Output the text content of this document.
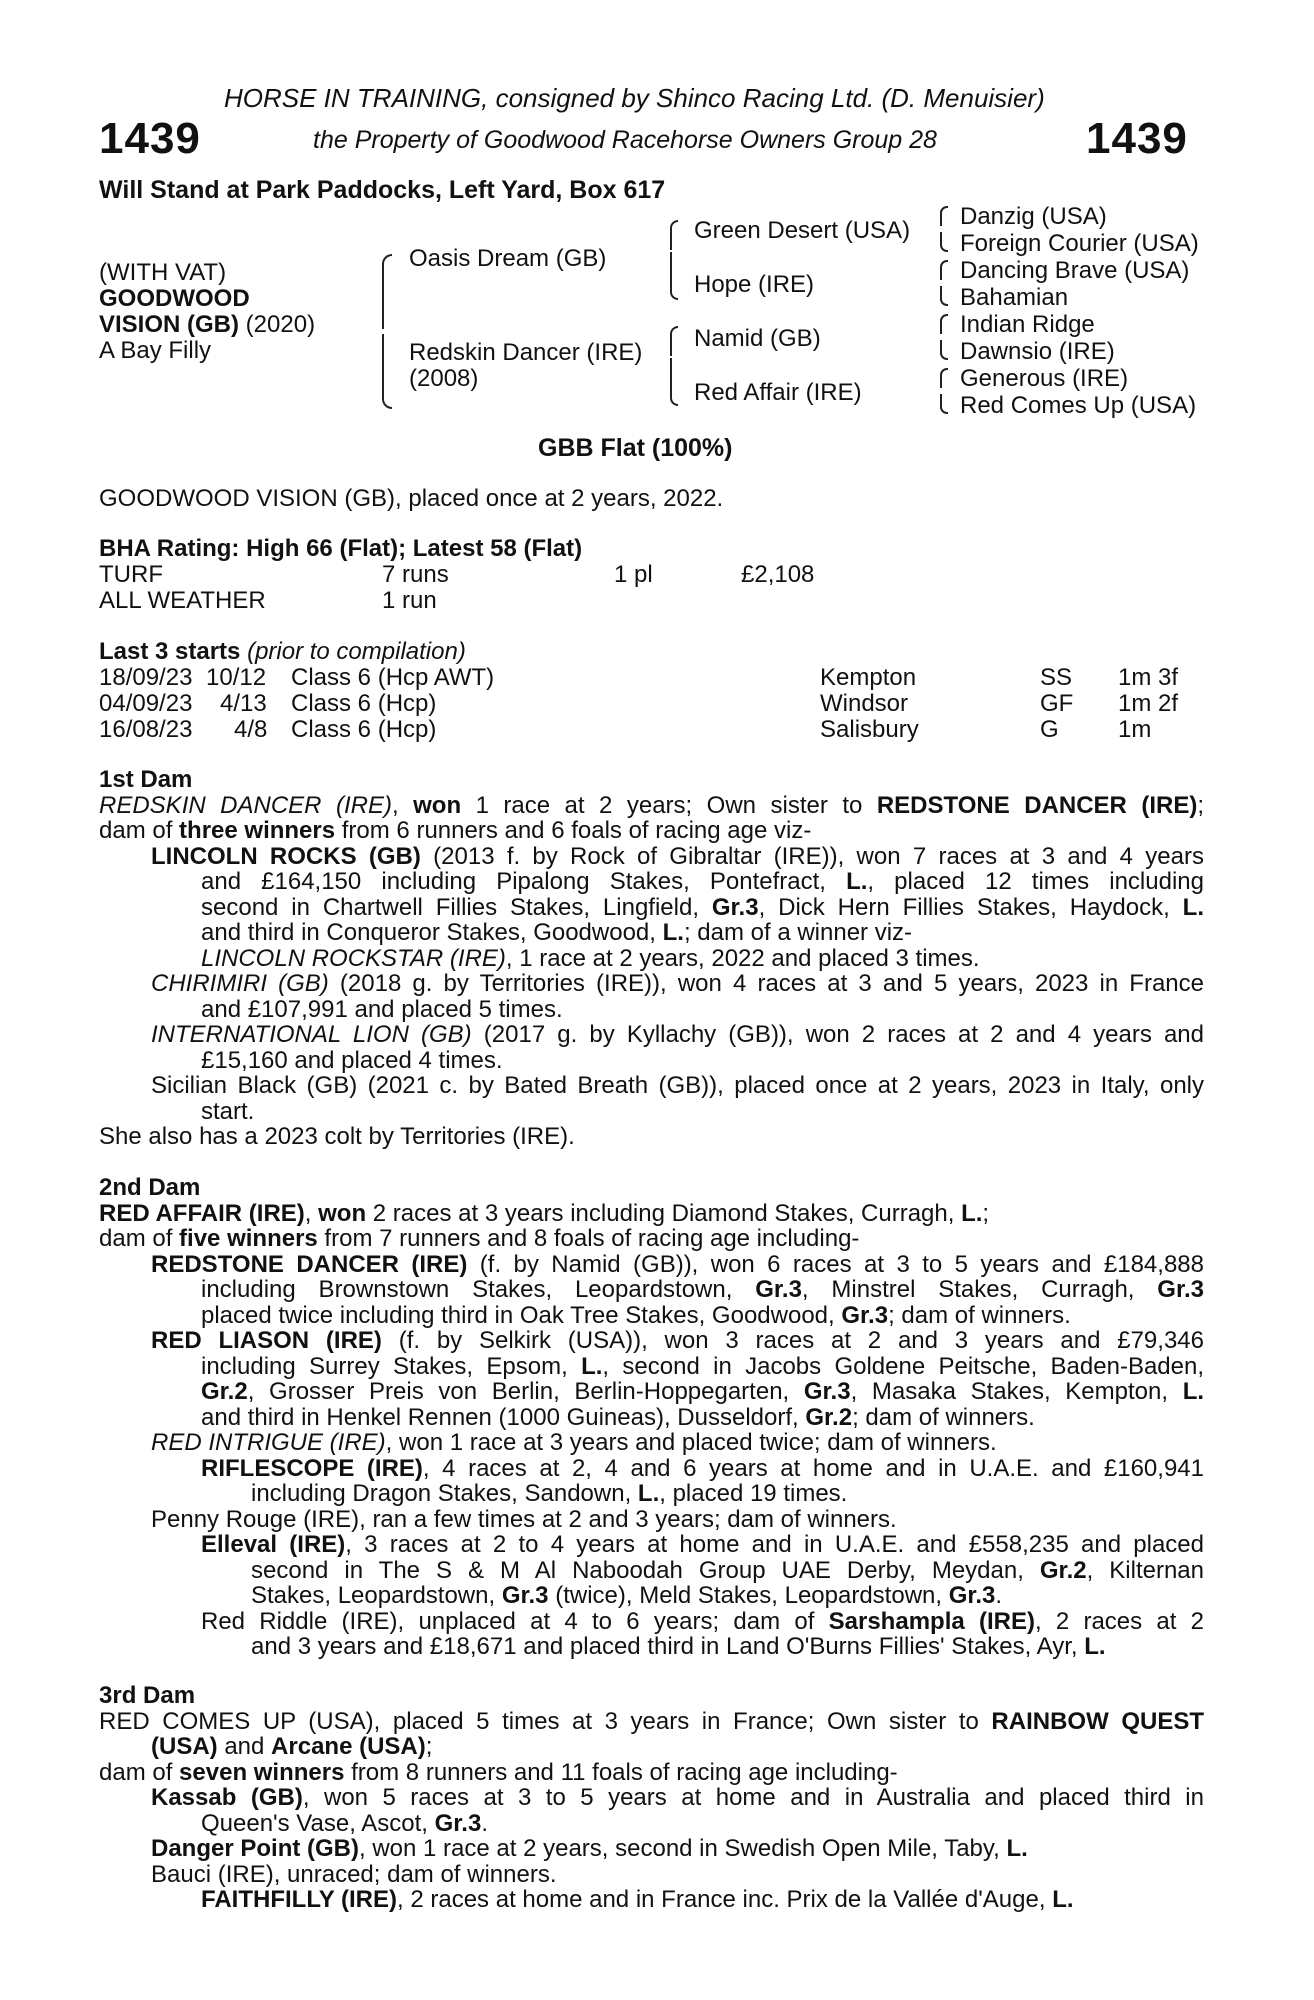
HORSE IN TRAINING, consigned by Shinco Racing Ltd. (D. Menuisier)
1439	the Property of Goodwood Racehorse Owners Group 28	1439
Will Stand at Park Paddocks, Left Yard, Box 617
(WITH VAT)
GOODWOOD
VISION (GB) (2020)
A Bay Filly
Oasis Dream (GB)
Redskin Dancer (IRE)
(2008)
Green Desert (USA)
Hope (IRE)
Namid (GB)
Red Affair (IRE)
Danzig (USA)
Foreign Courier (USA)
Dancing Brave (USA)
Bahamian
Indian Ridge
Dawnsio (IRE)
Generous (IRE)
Red Comes Up (USA)
GBB Flat (100%)
GOODWOOD VISION (GB), placed once at 2 years, 2022.
BHA Rating: High 66 (Flat); Latest 58 (Flat)
TURF	7 runs	1 pl	£2,108
ALL WEATHER	1 run
Last 3 starts (prior to compilation)
18/09/23 10/12 Class 6 (Hcp AWT)	Kempton	SS 1m 3f
04/09/23 4/13 Class 6 (Hcp)	Windsor	GF 1m 2f
16/08/23 4/8 Class 6 (Hcp)	Salisbury	G 1m
1st Dam
REDSKIN DANCER (IRE), won 1 race at 2 years; Own sister to REDSTONE DANCER (IRE);
dam of three winners from 6 runners and 6 foals of racing age viz-
LINCOLN ROCKS (GB) (2013 f. by Rock of Gibraltar (IRE)), won 7 races at 3 and 4 years
and £164,150 including Pipalong Stakes, Pontefract, L., placed 12 times including
second in Chartwell Fillies Stakes, Lingfield, Gr.3, Dick Hern Fillies Stakes, Haydock, L.
and third in Conqueror Stakes, Goodwood, L.; dam of a winner viz-
LINCOLN ROCKSTAR (IRE), 1 race at 2 years, 2022 and placed 3 times.
CHIRIMIRI (GB) (2018 g. by Territories (IRE)), won 4 races at 3 and 5 years, 2023 in France
and £107,991 and placed 5 times.
INTERNATIONAL LION (GB) (2017 g. by Kyllachy (GB)), won 2 races at 2 and 4 years and
£15,160 and placed 4 times.
Sicilian Black (GB) (2021 c. by Bated Breath (GB)), placed once at 2 years, 2023 in Italy, only
start.
She also has a 2023 colt by Territories (IRE).
2nd Dam
RED AFFAIR (IRE), won 2 races at 3 years including Diamond Stakes, Curragh, L.;
dam of five winners from 7 runners and 8 foals of racing age including-
REDSTONE DANCER (IRE) (f. by Namid (GB)), won 6 races at 3 to 5 years and £184,888
including Brownstown Stakes, Leopardstown, Gr.3, Minstrel Stakes, Curragh, Gr.3
placed twice including third in Oak Tree Stakes, Goodwood, Gr.3; dam of winners.
RED LIASON (IRE) (f. by Selkirk (USA)), won 3 races at 2 and 3 years and £79,346
including Surrey Stakes, Epsom, L., second in Jacobs Goldene Peitsche, Baden-Baden,
Gr.2, Grosser Preis von Berlin, Berlin-Hoppegarten, Gr.3, Masaka Stakes, Kempton, L.
and third in Henkel Rennen (1000 Guineas), Dusseldorf, Gr.2; dam of winners.
RED INTRIGUE (IRE), won 1 race at 3 years and placed twice; dam of winners.
RIFLESCOPE (IRE), 4 races at 2, 4 and 6 years at home and in U.A.E. and £160,941
including Dragon Stakes, Sandown, L., placed 19 times.
Penny Rouge (IRE), ran a few times at 2 and 3 years; dam of winners.
Elleval (IRE), 3 races at 2 to 4 years at home and in U.A.E. and £558,235 and placed
second in The S & M Al Naboodah Group UAE Derby, Meydan, Gr.2, Kilternan
Stakes, Leopardstown, Gr.3 (twice), Meld Stakes, Leopardstown, Gr.3.
Red Riddle (IRE), unplaced at 4 to 6 years; dam of Sarshampla (IRE), 2 races at 2
and 3 years and £18,671 and placed third in Land O'Burns Fillies' Stakes, Ayr, L.
3rd Dam
RED COMES UP (USA), placed 5 times at 3 years in France; Own sister to RAINBOW QUEST
(USA) and Arcane (USA);
dam of seven winners from 8 runners and 11 foals of racing age including-
Kassab (GB), won 5 races at 3 to 5 years at home and in Australia and placed third in
Queen's Vase, Ascot, Gr.3.
Danger Point (GB), won 1 race at 2 years, second in Swedish Open Mile, Taby, L.
Bauci (IRE), unraced; dam of winners.
FAITHFILLY (IRE), 2 races at home and in France inc. Prix de la Vallée d'Auge, L.
